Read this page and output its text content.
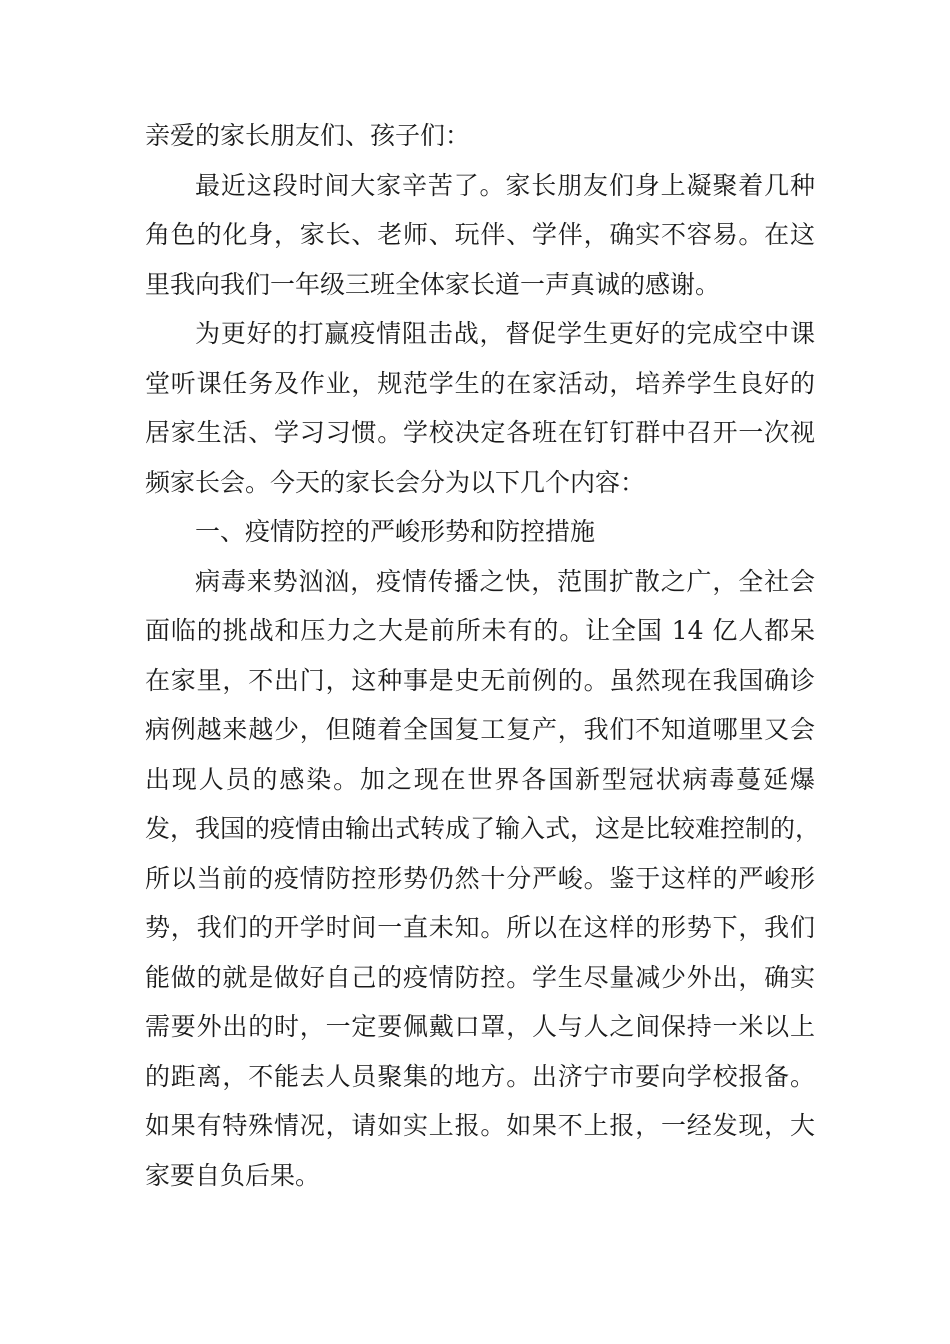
亲爱的家长朋友们、孩子们：
最近这段时间大家辛苦了。家长朋友们身上凝聚着几种
角色的化身，家长、老师、玩伴、学伴，确实不容易。在这
里我向我们一年级三班全体家长道一声真诚的感谢。
为更好的打赢疫情阻击战，督促学生更好的完成空中课
堂听课任务及作业，规范学生的在家活动，培养学生良好的
居家生活、学习习惯。学校决定各班在钉钉群中召开一次视
频家长会。今天的家长会分为以下几个内容：
一、疫情防控的严峻形势和防控措施
病毒来势汹汹，疫情传播之快，范围扩散之广，全社会
面临的挑战和压力之大是前所未有的。让全国 14 亿人都呆
在家里，不出门，这种事是史无前例的。虽然现在我国确诊
病例越来越少，但随着全国复工复产，我们不知道哪里又会
出现人员的感染。加之现在世界各国新型冠状病毒蔓延爆
发，我国的疫情由输出式转成了输入式，这是比较难控制的，
所以当前的疫情防控形势仍然十分严峻。鉴于这样的严峻形
势，我们的开学时间一直未知。所以在这样的形势下，我们
能做的就是做好自己的疫情防控。学生尽量减少外出，确实
需要外出的时，一定要佩戴口罩，人与人之间保持一米以上
的距离，不能去人员聚集的地方。出济宁市要向学校报备。
如果有特殊情况，请如实上报。如果不上报，一经发现，大
家要自负后果。
